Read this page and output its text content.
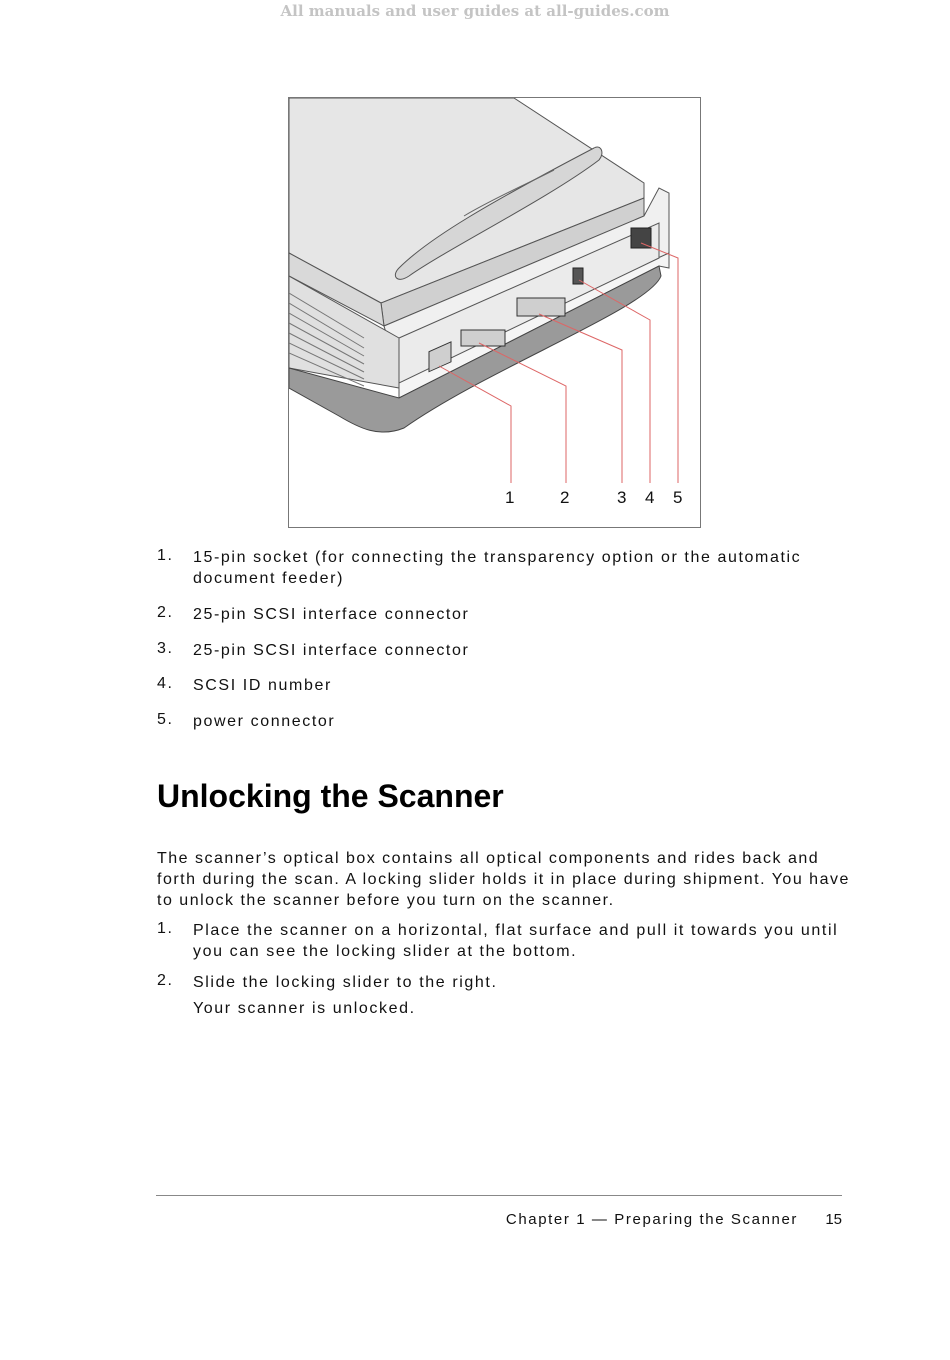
All manuals and user guides at all-guides.com
1	2	3 4 5
1. 15-pin socket (for connecting the transparency option or the automatic document feeder)
2. 25-pin SCSI interface connector
3. 25-pin SCSI interface connector
4. SCSI ID number
5. power connector
Unlocking the Scanner
The scanner’s optical box contains all optical components and rides back and forth during the scan. A locking slider holds it in place during shipment. You have to unlock the scanner before you turn on the scanner.
1. Place the scanner on a horizontal, flat surface and pull it towards you until you can see the locking slider at the bottom.
2. Slide the locking slider to the right.
Your scanner is unlocked.
Chapter 1 — Preparing the Scanner 15
